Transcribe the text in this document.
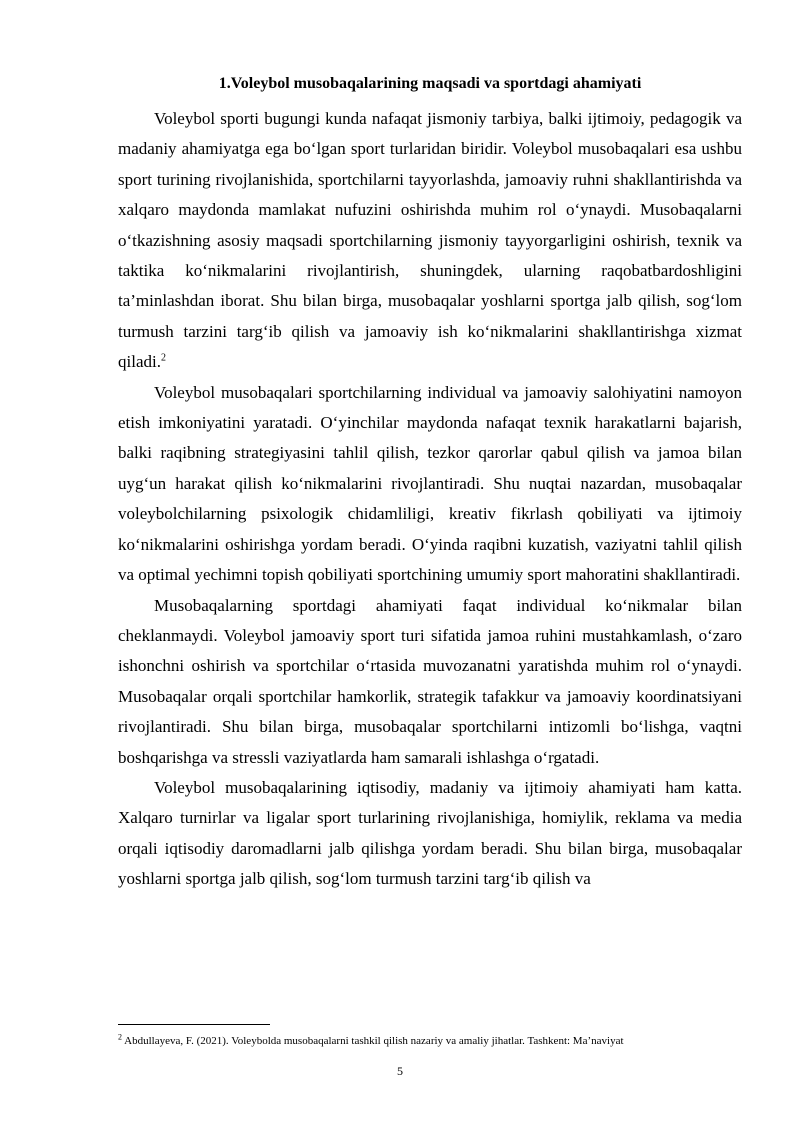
1.Voleybol musobaqalarining maqsadi va sportdagi ahamiyati

Voleybol sporti bugungi kunda nafaqat jismoniy tarbiya, balki ijtimoiy, pedagogik va madaniy ahamiyatga ega bo‘lgan sport turlaridan biridir. Voleybol musobaqalari esa ushbu sport turining rivojlanishida, sportchilarni tayyorlashda, jamoaviy ruhni shakllantirishda va xalqaro maydonda mamlakat nufuzini oshirishda muhim rol o‘ynaydi. Musobaqalarni o‘tkazishning asosiy maqsadi sportchilarning jismoniy tayyorgarligini oshirish, texnik va taktika ko‘nikmalarini rivojlantirish, shuningdek, ularning raqobatbardoshligini ta’minlashdan iborat. Shu bilan birga, musobaqalar yoshlarni sportga jalb qilish, sog‘lom turmush tarzini targ‘ib qilish va jamoaviy ish ko‘nikmalarini shakllantirishga xizmat qiladi.$^2$

Voleybol musobaqalari sportchilarning individual va jamoaviy salohiyatini namoyon etish imkoniyatini yaratadi. O‘yinchilar maydonda nafaqat texnik harakatlarni bajarish, balki raqibning strategiyasini tahlil qilish, tezkor qarorlar qabul qilish va jamoa bilan uyg‘un harakat qilish ko‘nikmalarini rivojlantiradi. Shu nuqtai nazardan, musobaqalar voleybolchilarning psixologik chidamliligi, kreativ fikrlash qobiliyati va ijtimoiy ko‘nikmalarini oshirishga yordam beradi. O‘yinda raqibni kuzatish, vaziyatni tahlil qilish va optimal yechimni topish qobiliyati sportchining umumiy sport mahoratini shakllantiradi.

Musobaqalarning sportdagi ahamiyati faqat individual ko‘nikmalar bilan cheklanmaydi. Voleybol jamoaviy sport turi sifatida jamoa ruhini mustahkamlash, o‘zaro ishonchni oshirish va sportchilar o‘rtasida muvozanatni yaratishda muhim rol o‘ynaydi. Musobaqalar orqali sportchilar hamkorlik, strategik tafakkur va jamoaviy koordinatsiyani rivojlantiradi. Shu bilan birga, musobaqalar sportchilarni intizomli bo‘lishga, vaqtni boshqarishga va stressli vaziyatlarda ham samarali ishlashga o‘rgatadi.

Voleybol musobaqalarining iqtisodiy, madaniy va ijtimoiy ahamiyati ham katta. Xalqaro turnirlar va ligalar sport turlarining rivojlanishiga, homiylik, reklama va media orqali iqtisodiy daromadlarni jalb qilishga yordam beradi. Shu bilan birga, musobaqalar yoshlarni sportga jalb qilish, sog‘lom turmush tarzini targ‘ib qilish va

$^2$ Abdullayeva, F. (2021). Voleybolda musobaqalarni tashkil qilish nazariy va amaliy jihatlar. Tashkent: Ma’naviyat

5
